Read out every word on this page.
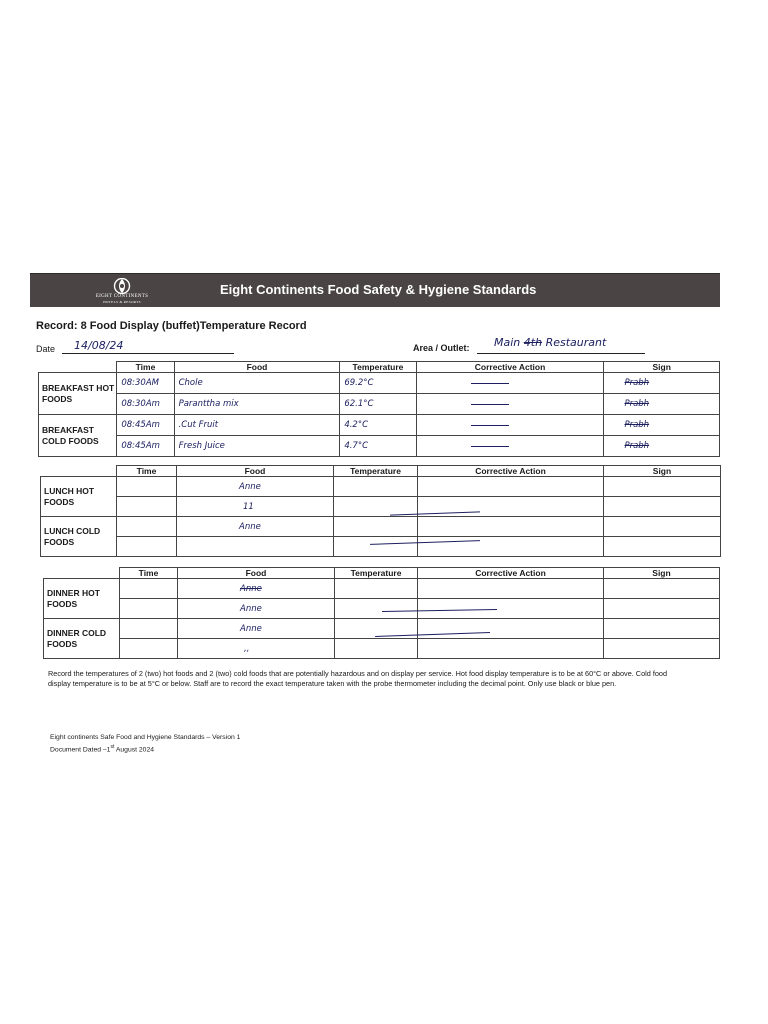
EIGHT CONTINENTS
HOTELS & RESORTS
Eight Continents Food Safety & Hygiene Standards
Record: 8 Food Display (buffet)Temperature Record
Date 14/08/24	Area / Outlet: Main 4th Restaurant
	Time	Food	Temperature	Corrective Action	Sign
BREAKFAST HOT FOODS	08:30AM	Chole	69.2°C		Prabh
	08:30Am	Paranttha mix	62.1°C		Prabh
BREAKFAST COLD FOODS	08:45Am	.Cut Fruit	4.2°C		Prabh
	08:45Am	Fresh Juice	4.7°C		Prabh
	Time	Food	Temperature	Corrective Action	Sign
LUNCH HOT FOODS		Anne			
		11			
LUNCH COLD FOODS		Anne			

	Time	Food	Temperature	Corrective Action	Sign
DINNER HOT FOODS		Anne			
		Anne			
DINNER COLD FOODS		Anne			
		,,			
Record the temperatures of 2 (two) hot foods and 2 (two) cold foods that are potentially hazardous and on display per service. Hot food display temperature is to be at 60°C or above. Cold food display temperature is to be at 5°C or below. Staff are to record the exact temperature taken with the probe thermometer including the decimal point. Only use black or blue pen.
Eight continents Safe Food and Hygiene Standards – Version 1
Document Dated –1st August 2024
